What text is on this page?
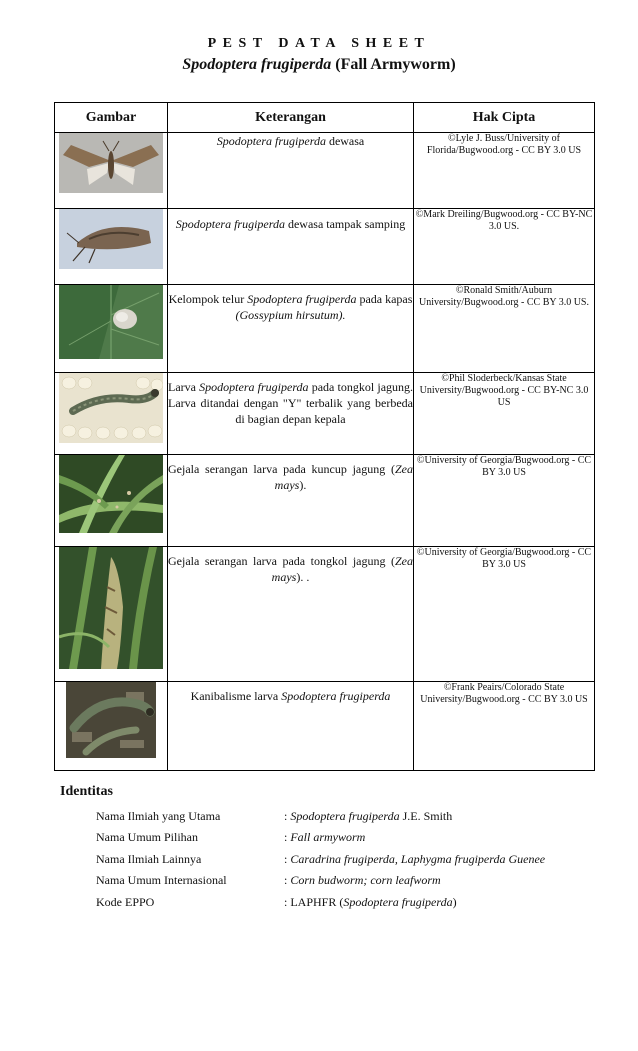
PEST DATA SHEET
Spodoptera frugiperda (Fall Armyworm)
Gambar	Keterangan	Hak Cipta

	Spodoptera frugiperda dewasa	©Lyle J. Buss/University of Florida/Bugwood.org - CC BY 3.0 US

	Spodoptera frugiperda dewasa tampak samping	©Mark Dreiling/Bugwood.org - CC BY-NC 3.0 US.

	Kelompok telur Spodoptera frugiperda pada kapas (Gossypium hirsutum).	©Ronald Smith/Auburn University/Bugwood.org - CC BY 3.0 US.

	Larva Spodoptera frugiperda pada tongkol jagung. Larva ditandai dengan "Y" terbalik yang berbeda di bagian depan kepala	©Phil Sloderbeck/Kansas State University/Bugwood.org - CC BY-NC 3.0 US

	Gejala serangan larva pada kuncup jagung (Zea mays).	©University of Georgia/Bugwood.org - CC BY 3.0 US

	Gejala serangan larva pada tongkol jagung (Zea mays). .	©University of Georgia/Bugwood.org - CC BY 3.0 US

	Kanibalisme larva Spodoptera frugiperda	©Frank Peairs/Colorado State University/Bugwood.org - CC BY 3.0 US
Identitas
Nama Ilmiah yang Utama	: Spodoptera frugiperda J.E. Smith
Nama Umum Pilihan	: Fall armyworm
Nama Ilmiah Lainnya	: Caradrina frugiperda, Laphygma frugiperda Guenee
Nama Umum Internasional	: Corn budworm; corn leafworm
Kode EPPO	: LAPHFR (Spodoptera frugiperda)
